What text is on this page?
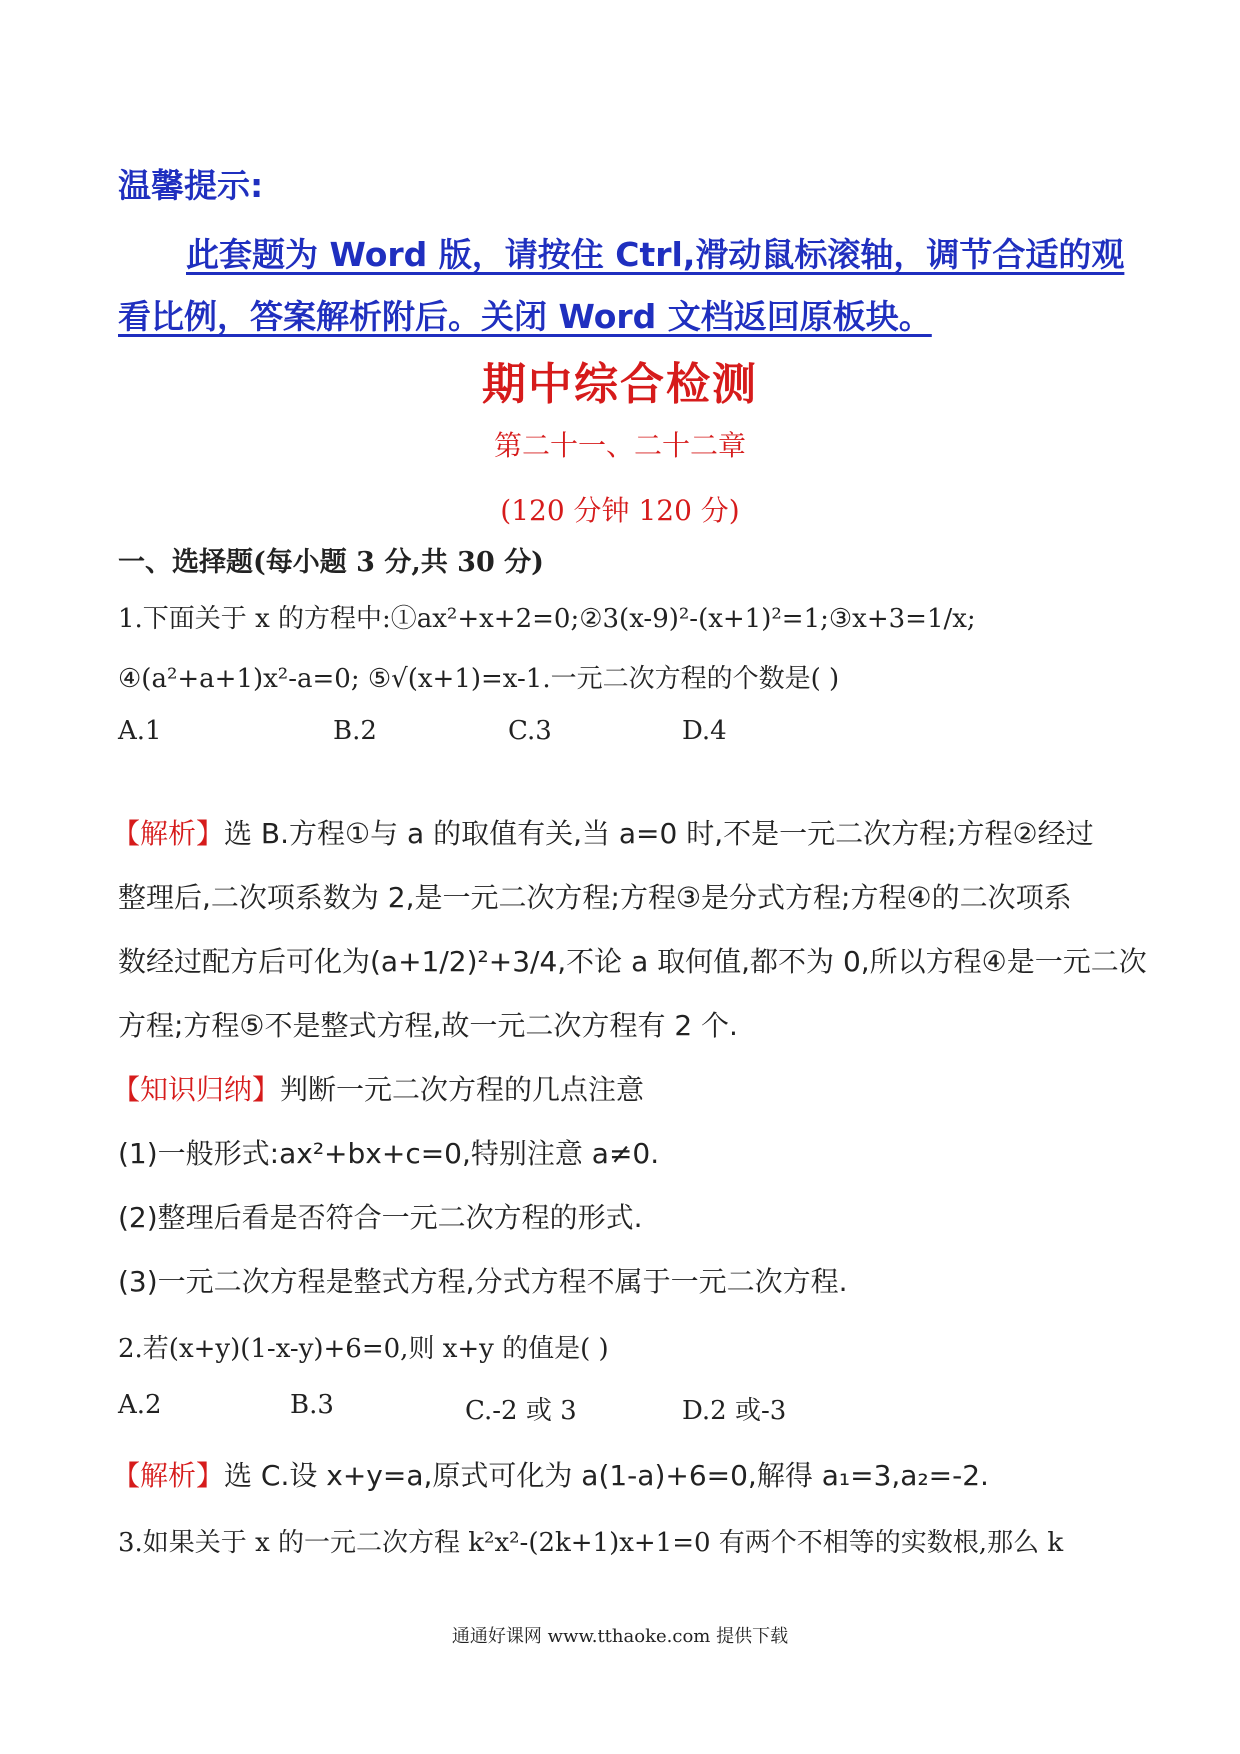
温馨提示:
此套题为 Word 版，请按住 Ctrl,滑动鼠标滚轴，调节合适的观看比例，答案解析附后。关闭 Word 文档返回原板块。
期中综合检测
第二十一、二十二章
(120 分钟 120 分)
一、选择题(每小题 3 分,共 30 分)
1.下面关于 x 的方程中:①ax²+x+2=0;②3(x-9)²-(x+1)²=1;③x+3=1/x;
④(a²+a+1)x²-a=0; ⑤√(x+1)=x-1.一元二次方程的个数是( )
A.1	B.2	C.3	D.4
【解析】选 B.方程①与 a 的取值有关,当 a=0 时,不是一元二次方程;方程②经过
整理后,二次项系数为 2,是一元二次方程;方程③是分式方程;方程④的二次项系
数经过配方后可化为(a+1/2)²+3/4,不论 a 取何值,都不为 0,所以方程④是一元二次
方程;方程⑤不是整式方程,故一元二次方程有 2 个.
【知识归纳】判断一元二次方程的几点注意
(1)一般形式:ax²+bx+c=0,特别注意 a≠0.
(2)整理后看是否符合一元二次方程的形式.
(3)一元二次方程是整式方程,分式方程不属于一元二次方程.
2.若(x+y)(1-x-y)+6=0,则 x+y 的值是( )
A.2	B.3	C.-2 或 3	D.2 或-3
【解析】选 C.设 x+y=a,原式可化为 a(1-a)+6=0,解得 a₁=3,a₂=-2.
3.如果关于 x 的一元二次方程 k²x²-(2k+1)x+1=0 有两个不相等的实数根,那么 k
通通好课网 www.tthaoke.com 提供下载
